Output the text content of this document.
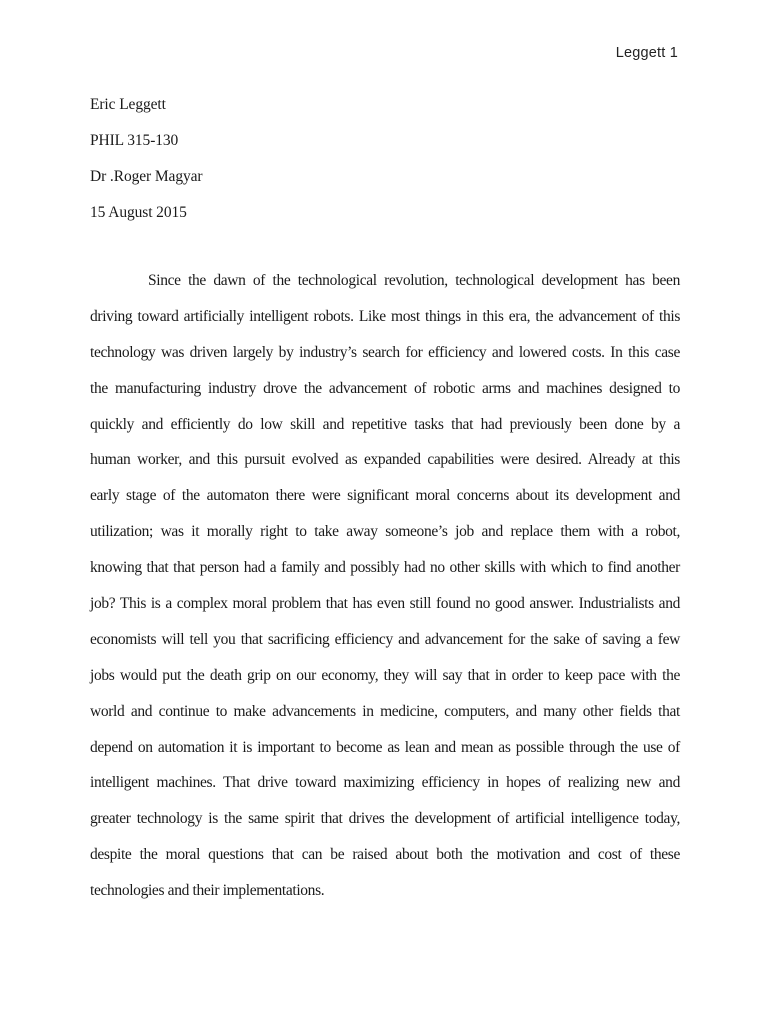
Leggett 1
Eric Leggett
PHIL 315-130
Dr .Roger Magyar
15 August 2015
Since the dawn of the technological revolution, technological development has been
driving toward artificially intelligent robots. Like most things in this era, the advancement of this
technology was driven largely by industry’s search for efficiency and lowered costs. In this case
the manufacturing industry drove the advancement of robotic arms and machines designed to
quickly and efficiently do low skill and repetitive tasks that had previously been done by a
human worker, and this pursuit evolved as expanded capabilities were desired. Already at this
early stage of the automaton there were significant moral concerns about its development and
utilization; was it morally right to take away someone’s job and replace them with a robot,
knowing that that person had a family and possibly had no other skills with which to find another
job? This is a complex moral problem that has even still found no good answer. Industrialists and
economists will tell you that sacrificing efficiency and advancement for the sake of saving a few
jobs would put the death grip on our economy, they will say that in order to keep pace with the
world and continue to make advancements in medicine, computers, and many other fields that
depend on automation it is important to become as lean and mean as possible through the use of
intelligent machines. That drive toward maximizing efficiency in hopes of realizing new and
greater technology is the same spirit that drives the development of artificial intelligence today,
despite the moral questions that can be raised about both the motivation and cost of these
technologies and their implementations.
